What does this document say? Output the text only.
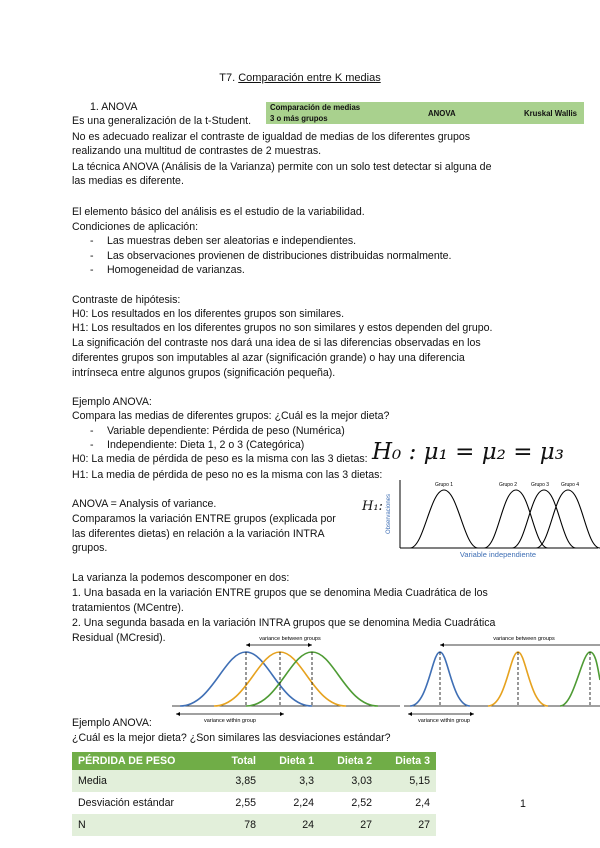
T7. Comparación entre K medias
1. ANOVA	Comparación de medias
3 o más grupos
ANOVA	Kruskal Wallis
Es una generalización de la t-Student.
No es adecuado realizar el contraste de igualdad de medias de los diferentes grupos
realizando una multitud de contrastes de 2 muestras.
La técnica ANOVA (Análisis de la Varianza) permite con un solo test detectar si alguna de
las medias es diferente.
El elemento básico del análisis es el estudio de la variabilidad.
Condiciones de aplicación:
- Las muestras deben ser aleatorias e independientes.
- Las observaciones provienen de distribuciones distribuidas normalmente.
- Homogeneidad de varianzas.
Contraste de hipótesis:
H0: Los resultados en los diferentes grupos son similares.
H1: Los resultados en los diferentes grupos no son similares y estos dependen del grupo.
La significación del contraste nos dará una idea de si las diferencias observadas en los
diferentes grupos son imputables al azar (significación grande) o hay una diferencia
intrínseca entre algunos grupos (significación pequeña).
Ejemplo ANOVA:
Compara las medias de diferentes grupos: ¿Cuál es la mejor dieta?
- Variable dependiente: Pérdida de peso (Numérica)
- Independiente: Dieta 1, 2 o 3 (Categórica)
H0: La media de pérdida de peso es la misma con las 3 dietas:
H1: La media de pérdida de peso no es la misma con las 3 dietas:
H₀ : μ₁ = μ₂ = μ₃
ANOVA = Analysis of variance.
Comparamos la variación ENTRE grupos (explicada por
las diferentes dietas) en relación a la variación INTRA
grupos.
H₁: Observaciones
Variable independiente
Grupo 1	Grupo 2	Grupo 3 Grupo 4
La varianza la podemos descomponer en dos:
1. Una basada en la variación ENTRE grupos que se denomina Media Cuadrática de los
tratamientos (MCentre).
2. Una segunda basada en la variación INTRA grupos que se denomina Media Cuadrática
Residual (MCresid).	variance between groups
variance within group
variance between groups
variance within group
Ejemplo ANOVA:
¿Cuál es la mejor dieta? ¿Son similares las desviaciones estándar?
PÉRDIDA DE PESO	Total	Dieta 1	Dieta 2	Dieta 3
Media	3,85	3,3	3,03	5,15
Desviación estándar	2,55	2,24	2,52	2,4
N	78	24	27	27
1
